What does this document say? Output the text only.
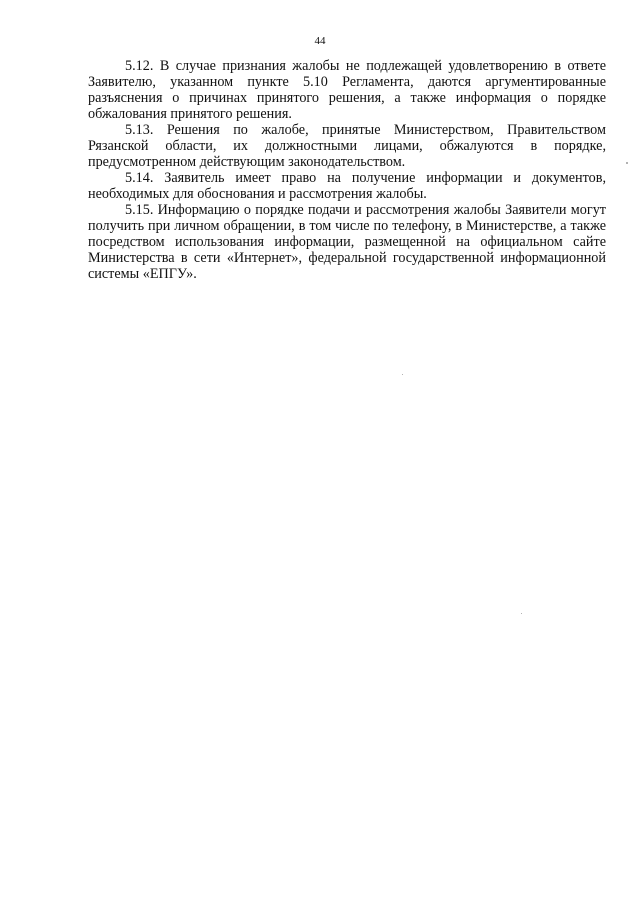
44

5.12. В случае признания жалобы не подлежащей удовлетворению в ответе Заявителю, указанном пункте 5.10 Регламента, даются аргументированные разъяснения о причинах принятого решения, а также информация о порядке обжалования принятого решения.

5.13. Решения по жалобе, принятые Министерством, Правительством Рязанской области, их должностными лицами, обжалуются в порядке, предусмотренном действующим законодательством.

5.14. Заявитель имеет право на получение информации и документов, необходимых для обоснования и рассмотрения жалобы.

5.15. Информацию о порядке подачи и рассмотрения жалобы Заявители могут получить при личном обращении, в том числе по телефону, в Министерстве, а также посредством использования информации, размещенной на официальном сайте Министерства в сети «Интернет», федеральной государственной информационной системы «ЕПГУ».
